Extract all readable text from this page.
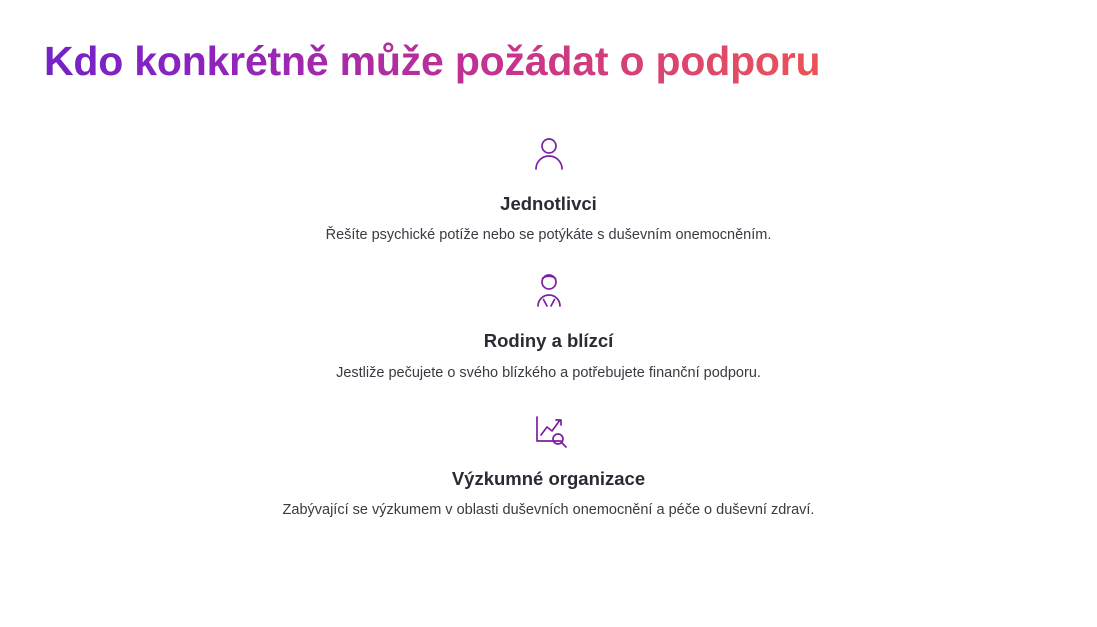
Kdo konkrétně může požádat o podporu
Jednotlivci

Řešíte psychické potíže nebo se potýkáte s duševním onemocněním.

Rodiny a blízcí

Jestliže pečujete o svého blízkého a potřebujete finanční podporu.

Výzkumné organizace

Zabývající se výzkumem v oblasti duševních onemocnění a péče o duševní zdraví.
